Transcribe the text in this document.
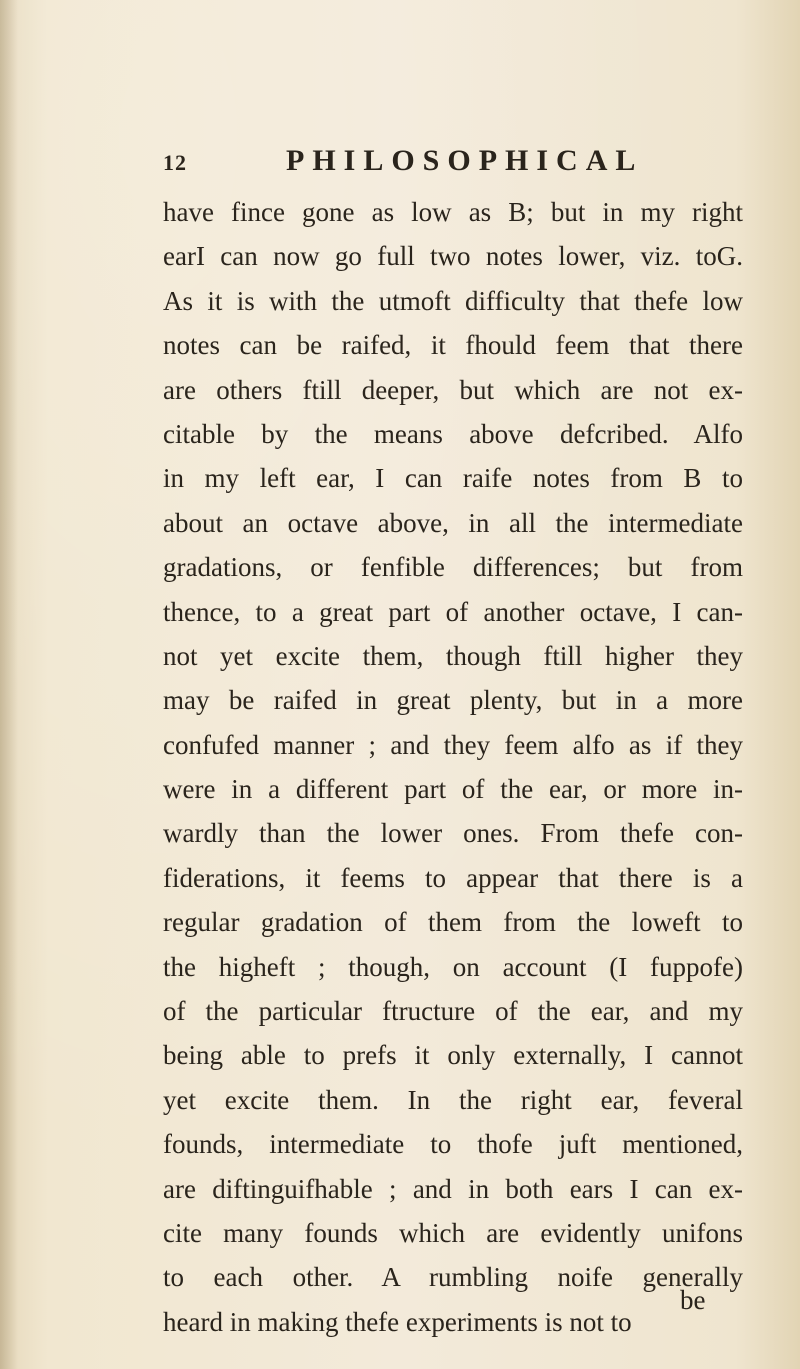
12	PHILOSOPHICAL
have fince gone as low as B; but in my right
earI can now go full two notes lower, viz. toG.
As it is with the utmoft difficulty that thefe low
notes can be raifed, it fhould feem that there
are others ftill deeper, but which are not ex-
citable by the means above defcribed. Alfo
in my left ear, I can raife notes from B to
about an octave above, in all the intermediate
gradations, or fenfible differences; but from
thence, to a great part of another octave, I can-
not yet excite them, though ftill higher they
may be raifed in great plenty, but in a more
confufed manner ; and they feem alfo as if they
were in a different part of the ear, or more in-
wardly than the lower ones. From thefe con-
fiderations, it feems to appear that there is a
regular gradation of them from the loweft to
the higheft ; though, on account (I fuppofe)
of the particular ftructure of the ear, and my
being able to prefs it only externally, I cannot
yet excite them. In the right ear, feveral
founds, intermediate to thofe juft mentioned,
are diftinguifhable ; and in both ears I can ex-
cite many founds which are evidently unifons
to each other. A rumbling noife generally
heard in making thefe experiments is not to
be
